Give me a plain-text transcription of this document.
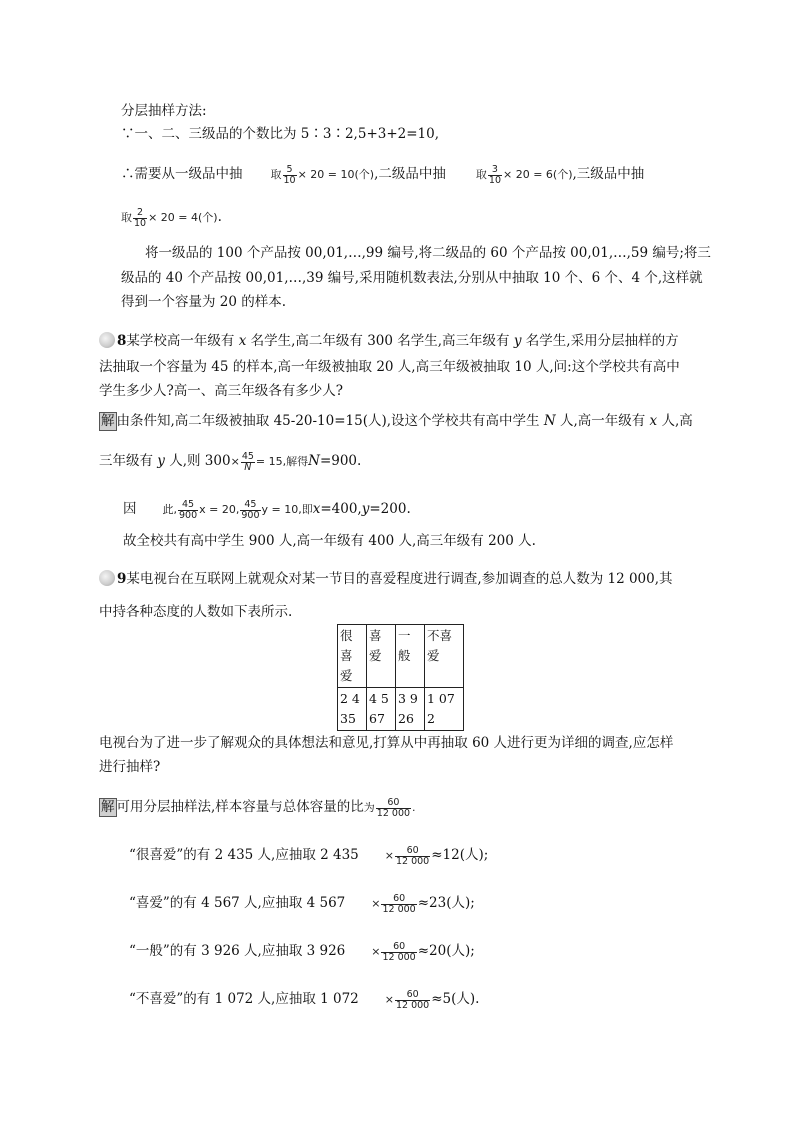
分层抽样方法:
∵一、二、三级品的个数比为 5∶3∶2,5+3+2=10,
∴需要从一级品中抽	取 $\frac{5}{10} \times 20 = 10$(个),二级品中抽	取 $\frac{3}{10} \times 20 = 6$(个),三级品中抽
取 $\frac{2}{10} \times 20 = 4$(个).
将一级品的 100 个产品按 00,01,…,99 编号,将二级品的 60 个产品按 00,01,…,59 编号;将三
级品的 40 个产品按 00,01,…,39 编号,采用随机数表法,分别从中抽取 10 个、6 个、4 个,这样就
得到一个容量为 20 的样本.
8某学校高一年级有 x 名学生,高二年级有 300 名学生,高三年级有 y 名学生,采用分层抽样的方
法抽取一个容量为 45 的样本,高一年级被抽取 20 人,高三年级被抽取 10 人,问:这个学校共有高中
学生多少人?高一、高三年级各有多少人?
解 由条件知,高二年级被抽取 45-20-10=15(人),设这个学校共有高中学生 N 人,高一年级有 x 人,高
三年级有 y 人,则 $300\times \frac{45}{N} = 15$,解得N=900.
因 此, $\frac{45}{900}$ x = 20, $\frac{45}{900}$ y = 10,即x=400,y=200.
故全校共有高中学生 900 人,高一年级有 400 人,高三年级有 200 人.
9某电视台在互联网上就观众对某一节目的喜爱程度进行调查,参加调查的总人数为 12 000,其
中持各种态度的人数如下表所示.
很喜爱	喜爱	一般	不喜爱
2 435	4 567	3 926	1 072
电视台为了进一步了解观众的具体想法和意见,打算从中再抽取 60 人进行更为详细的调查,应怎样
进行抽样?
解 可用分层抽样法,样本容量与总体容量的比为 $\frac{60}{12 000}$ .
“很喜爱”的有 2 435 人,应抽取 2 $435 \times \frac{60}{12 000} \approx 12$(人);
“喜爱”的有 4 567 人,应抽取 4 $567 \times \frac{60}{12 000} \approx 23$(人);
“一般”的有 3 926 人,应抽取 3 $926 \times \frac{60}{12 000} \approx 20$(人);
“不喜爱”的有 1 072 人,应抽取 1 $072 \times \frac{60}{12 000} \approx 5$(人).
